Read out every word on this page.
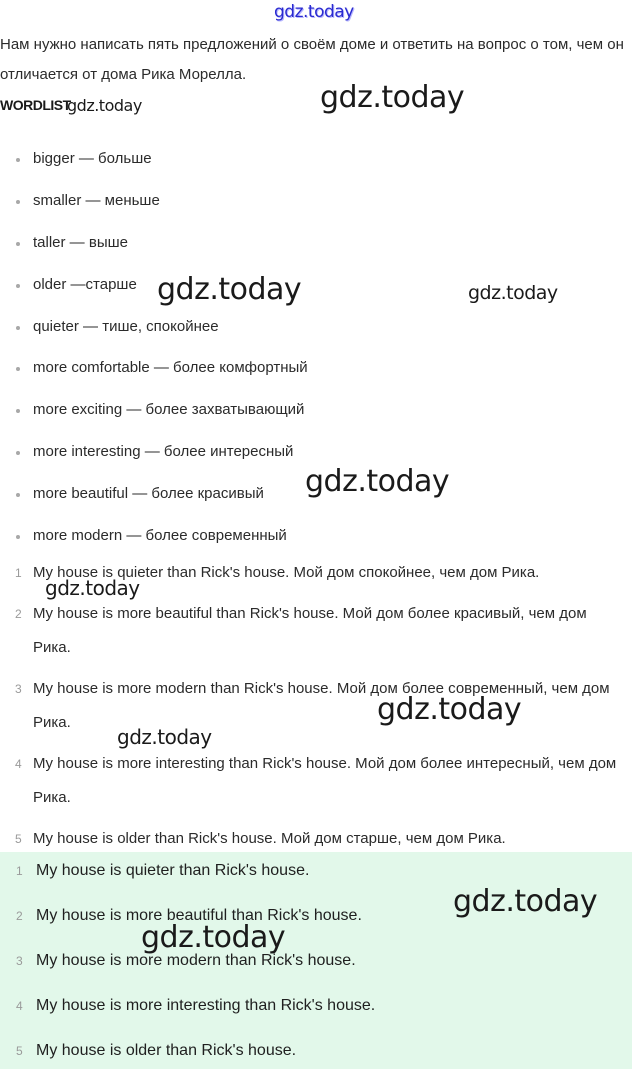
gdz.today
Нам нужно написать пять предложений о своём доме и ответить на вопрос о том, чем он отличается от дома Рика Морелла.
WORDLIST
gdz.today
bigger — больше
smaller — меньше
taller — выше
older —старше
quieter — тише, спокойнее
more comfortable — более комфортный
more exciting — более захватывающий
more interesting — более интересный
more beautiful — более красивый
more modern — более современный
1 My house is quieter than Rick's house. Мой дом спокойнее, чем дом Рика.
2 My house is more beautiful than Rick's house. Мой дом более красивый, чем дом Рика.
3 My house is more modern than Rick's house. Мой дом более современный, чем дом Рика.
4 My house is more interesting than Rick's house. Мой дом более интересный, чем дом Рика.
5 My house is older than Rick's house. Мой дом старше, чем дом Рика.
1 My house is quieter than Rick's house.
2 My house is more beautiful than Rick's house.
3 My house is more modern than Rick's house.
4 My house is more interesting than Rick's house.
5 My house is older than Rick's house.
gdz.today
gdz.today	gdz.today
gdz.today
gdz.today
gdz.today
gdz.today
gdz.today
gdz.today
